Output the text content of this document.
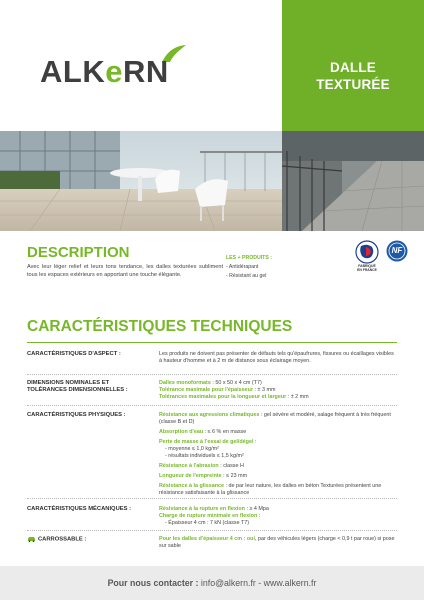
ALKeRN	DALLE
TEXTURÉE
DESCRIPTION
Avec leur léger relief et leurs tons tendance, les dalles texturées subliment tous les espaces extérieurs en apportant une touche élégante.
LES + PRODUITS :
- Antidérapant
- Résistant au gel
FABRIQUÉ
EN FRANCE
NF
CARACTÉRISTIQUES TECHNIQUES
CARACTÉRISTIQUES D'ASPECT :	Les produits ne doivent pas présenter de défauts tels qu'épaufrures, fissures ou écaillages visibles à hauteur d'homme et à 2 m de distance sous éclairage moyen.
DIMENSIONS NOMINALES ET
TOLÉRANCES DIMENSIONNELLES :
Dalles monoformats : 50 x 50 x 4 cm (T7)
Tolérance maximale pour l'épaisseur : ± 3 mm
Tolérances maximales pour la longueur et largeur : ± 2 mm
CARACTÉRISTIQUES PHYSIQUES :	Résistance aux agressions climatiques : gel sévère et modéré, salage fréquent à très fréquent (classe B et D)
Absorption d'eau : ≤ 6 % en masse
Perte de masse à l'essai de gel/dégel :
- moyenne ≤ 1,0 kg/m²
- résultats individuels ≤ 1,5 kg/m²
Résistance à l'abrasion : classe H
Longueur de l'empreinte : ≤ 23 mm
Résistance à la glissance : de par leur nature, les dalles en béton Texturées présentent une résistance satisfaisante à la glissance
CARACTÉRISTIQUES MÉCANIQUES :	Résistance à la rupture en flexion : ≥ 4 Mpa
Charge de rupture minimale en flexion :
- Épaisseur 4 cm : 7 kN (classe T7)
CARROSSABLE :	Pour les dalles d'épaisseur 4 cm : oui, par des véhicules légers (charge < 0,9 t par roue) si pose sur sable
Pour nous contacter : info@alkern.fr - www.alkern.fr
